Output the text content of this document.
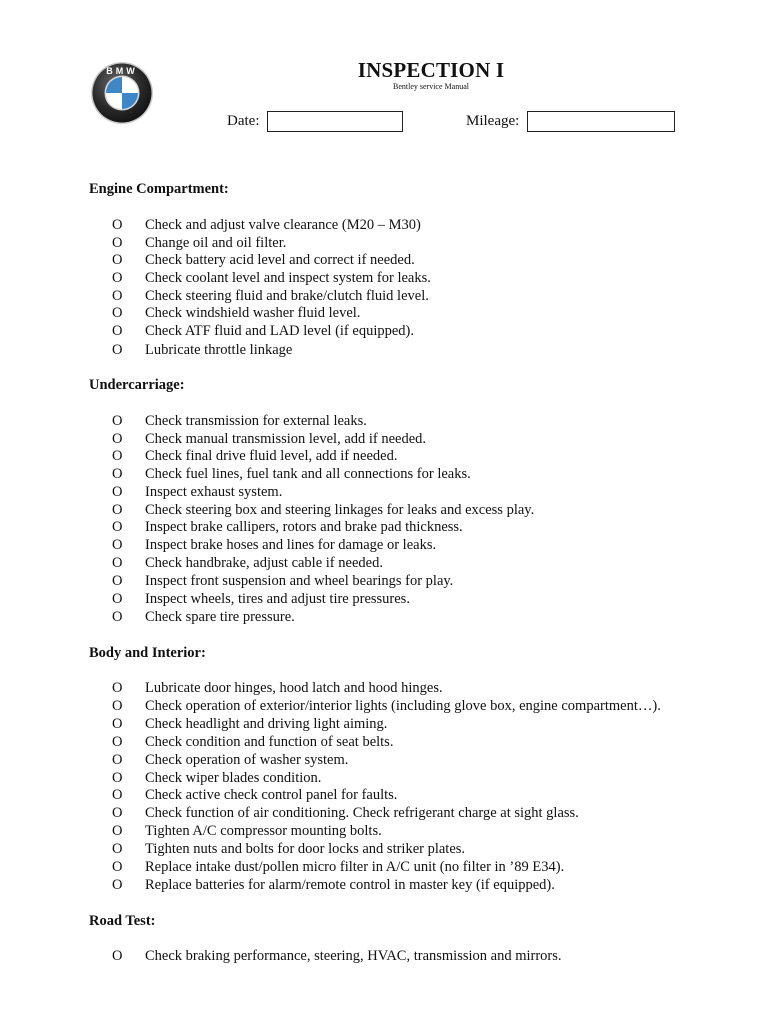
BMW	INSPECTION I
Bentley service Manual
Date:	Mileage:
Engine Compartment:
O Check and adjust valve clearance (M20 – M30)
O Change oil and oil filter.
O Check battery acid level and correct if needed.
O Check coolant level and inspect system for leaks.
O Check steering fluid and brake/clutch fluid level.
O Check windshield washer fluid level.
O Check ATF fluid and LAD level (if equipped).
O Lubricate throttle linkage
Undercarriage:
O Check transmission for external leaks.
O Check manual transmission level, add if needed.
O Check final drive fluid level, add if needed.
O Check fuel lines, fuel tank and all connections for leaks.
O Inspect exhaust system.
O Check steering box and steering linkages for leaks and excess play.
O Inspect brake callipers, rotors and brake pad thickness.
O Inspect brake hoses and lines for damage or leaks.
O Check handbrake, adjust cable if needed.
O Inspect front suspension and wheel bearings for play.
O Inspect wheels, tires and adjust tire pressures.
O Check spare tire pressure.
Body and Interior:
O Lubricate door hinges, hood latch and hood hinges.
O Check operation of exterior/interior lights (including glove box, engine compartment…).
O Check headlight and driving light aiming.
O Check condition and function of seat belts.
O Check operation of washer system.
O Check wiper blades condition.
O Check active check control panel for faults.
O Check function of air conditioning. Check refrigerant charge at sight glass.
O Tighten A/C compressor mounting bolts.
O Tighten nuts and bolts for door locks and striker plates.
O Replace intake dust/pollen micro filter in A/C unit (no filter in ’89 E34).
O Replace batteries for alarm/remote control in master key (if equipped).
Road Test:
O Check braking performance, steering, HVAC, transmission and mirrors.
